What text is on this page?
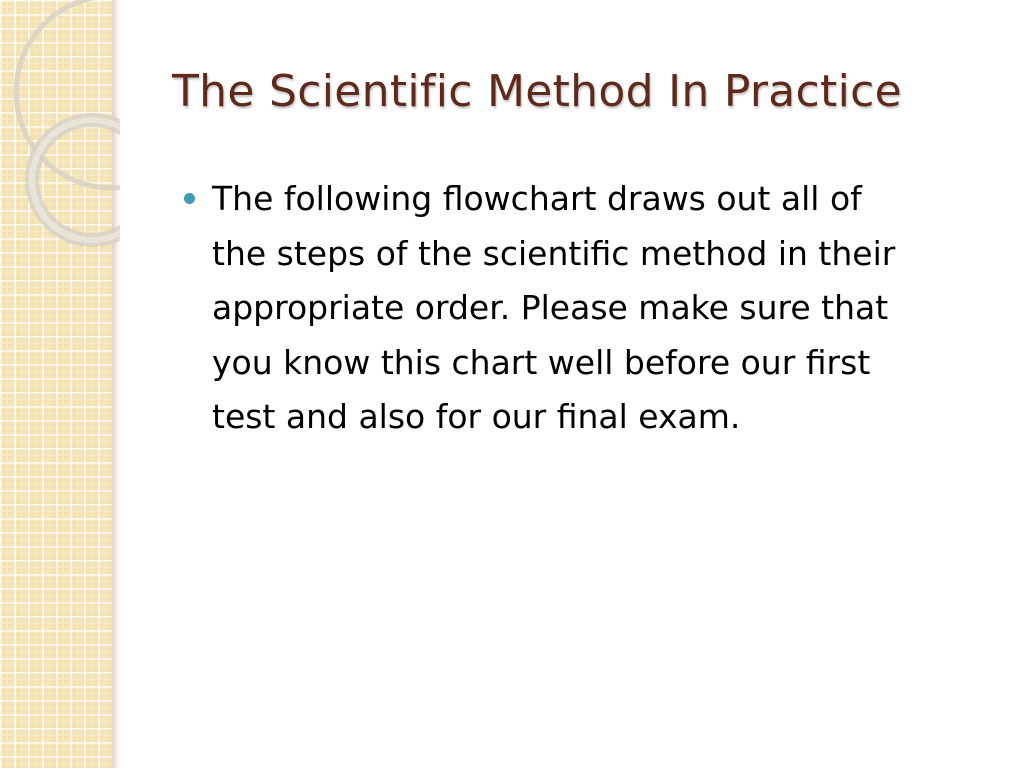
The Scientific Method In Practice
The following flowchart draws out all of
the steps of the scientific method in their
appropriate order. Please make sure that
you know this chart well before our first
test and also for our final exam.
